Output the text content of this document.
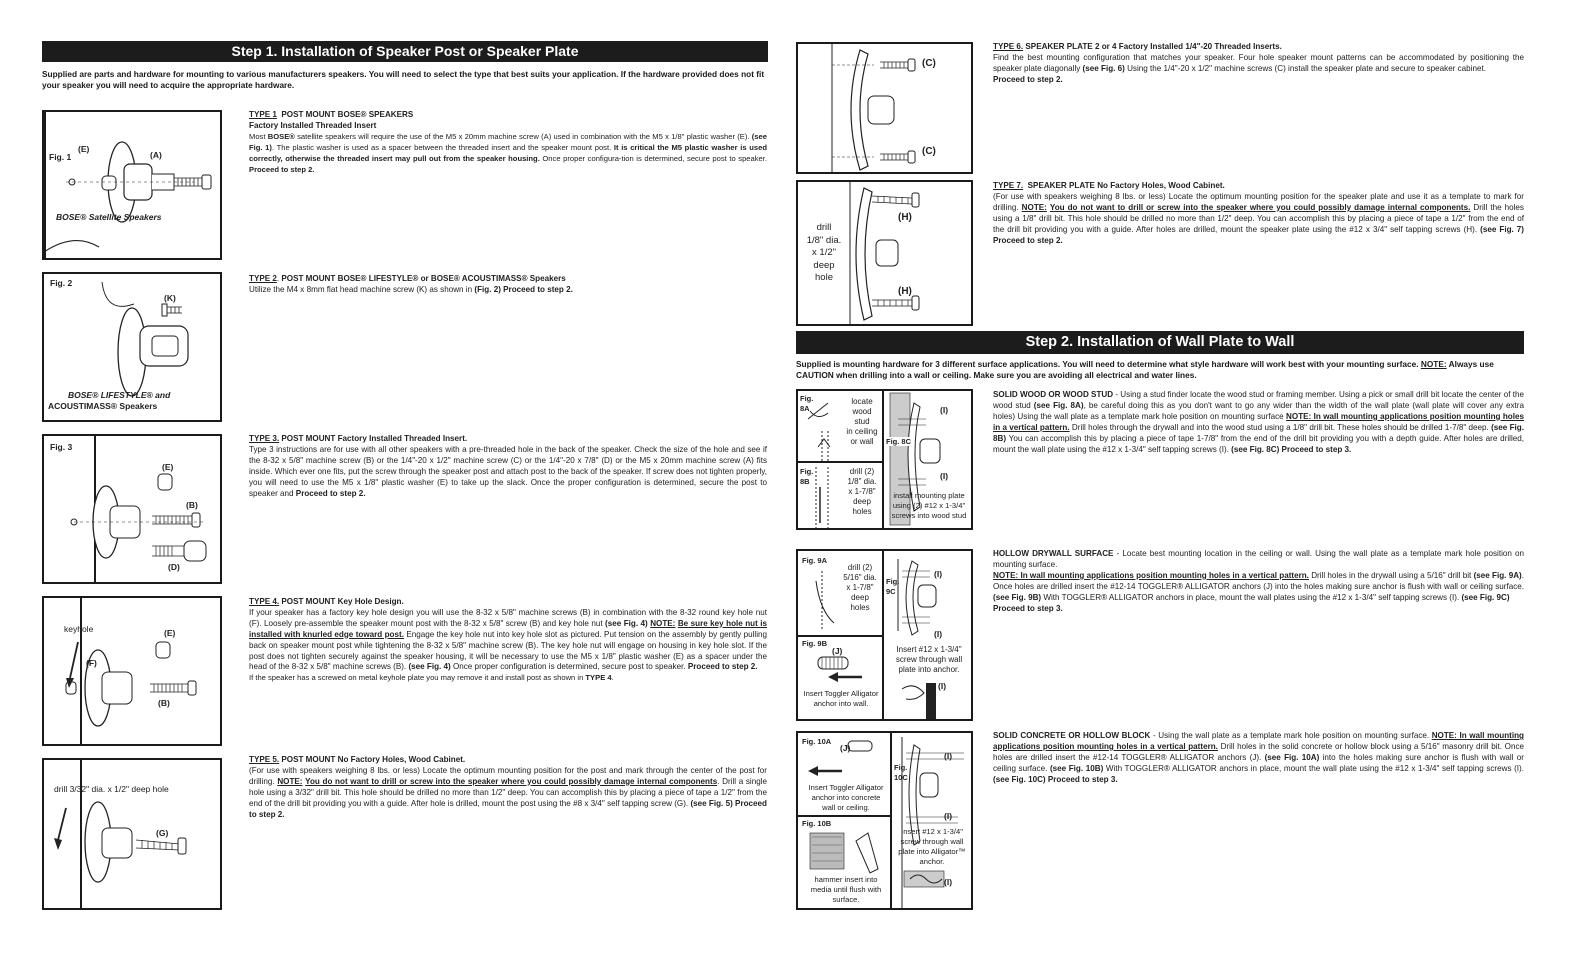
Step 1. Installation of Speaker Post or Speaker Plate
Supplied are parts and hardware for mounting to various manufacturers speakers. You will need to select the type that best suits your application. If the hardware provided does not fit your speaker you will need to acquire the appropriate hardware.
Fig. 1
(E)
(A)
BOSE® Satellite Speakers
TYPE 1 POST MOUNT BOSE® SPEAKERS
Factory Installed Threaded Insert
Most BOSE® satellite speakers will require the use of the M5 x 20mm machine screw (A) used in combination with the M5 x 1/8" plastic washer (E). (see Fig. 1). The plastic washer is used as a spacer between the threaded insert and the speaker mount post. It is critical the M5 plastic washer is used correctly, otherwise the threaded insert may pull out from the speaker housing. Once proper configura-tion is determined, secure post to speaker. Proceed to step 2.
Fig. 2
(K)
BOSE® LIFESTYLE® and
ACOUSTIMASS® Speakers
TYPE 2. POST MOUNT BOSE® LIFESTYLE® or BOSE® ACOUSTIMASS® Speakers
Utilize the M4 x 8mm flat head machine screw (K) as shown in (Fig. 2) Proceed to step 2.
Fig. 3
(E)
(B)
(D)
TYPE 3. POST MOUNT Factory Installed Threaded Insert.
Type 3 instructions are for use with all other speakers with a pre-threaded hole in the back of the speaker. Check the size of the hole and see if the 8-32 x 5/8" machine screw (B) or the 1/4"-20 x 1/2" machine screw (C) or the 1/4"-20 x 7/8" (D) or the M5 x 20mm machine screw (A) fits inside. Which ever one fits, put the screw through the speaker post and attach post to the back of the speaker. If screw does not tighten properly, you will need to use the M5 x 1/8" plastic washer (E) to take up the slack. Once the proper configuration is determined, secure the post to speaker and Proceed to step 2.
keyhole	(E)
(F)
(B)
TYPE 4. POST MOUNT Key Hole Design.
If your speaker has a factory key hole design you will use the 8-32 x 5/8" machine screws (B) in combination with the 8-32 round key hole nut (F). Loosely pre-assemble the speaker mount post with the 8-32 x 5/8" screw (B) and key hole nut (see Fig. 4) NOTE: Be sure key hole nut is installed with knurled edge toward post. Engage the key hole nut into key hole slot as pictured. Put tension on the assembly by gently pulling back on speaker mount post while tightening the 8-32 x 5/8" machine screw (B). The key hole nut will engage on housing in key hole slot. If the post does not tighten securely against the speaker housing, it will be necessary to use the M5 x 1/8" plastic washer (E) as a spacer under the head of the 8-32 x 5/8" machine screws (B). (see Fig. 4) Once proper configuration is determined, secure post to speaker. Proceed to step 2.
If the speaker has a screwed on metal keyhole plate you may remove it and install post as shown in TYPE 4.
drill 3/32" dia. x 1/2" deep hole
(G)
TYPE 5. POST MOUNT No Factory Holes, Wood Cabinet.
(For use with speakers weighing 8 lbs. or less) Locate the optimum mounting position for the post and mark through the center of the post for drilling. NOTE: You do not want to drill or screw into the speaker where you could possibly damage internal components. Drill a single hole using a 3/32" drill bit. This hole should be drilled no more than 1/2" deep. You can accomplish this by placing a piece of tape a 1/2" from the end of the drill bit providing you with a guide. After hole is drilled, mount the post using the #8 x 3/4" self tapping screw (G). (see Fig. 5) Proceed to step 2.
(C)
(C)
TYPE 6. SPEAKER PLATE 2 or 4 Factory Installed 1/4"-20 Threaded Inserts.
Find the best mounting configuration that matches your speaker. Four hole speaker mount patterns can be accommodated by positioning the speaker plate diagonally (see Fig. 6) Using the 1/4"-20 x 1/2" machine screws (C) install the speaker plate and secure to speaker cabinet.
Proceed to step 2.
(H)
(H)
drill
1/8" dia.
x 1/2"
deep
hole
TYPE 7. SPEAKER PLATE No Factory Holes, Wood Cabinet.
(For use with speakers weighing 8 lbs. or less) Locate the optimum mounting position for the speaker plate and use it as a template to mark for drilling. NOTE: You do not want to drill or screw into the speaker where you could possibly damage internal components. Drill the holes using a 1/8" drill bit. This hole should be drilled no more than 1/2" deep. You can accomplish this by placing a piece of tape a 1/2" from the end of the drill bit providing you with a guide. After holes are drilled, mount the speaker plate using the #12 x 3/4" self tapping screws (H). (see Fig. 7) Proceed to step 2.
Step 2. Installation of Wall Plate to Wall
Supplied is mounting hardware for 3 different surface applications. You will need to determine what style hardware will work best with your mounting surface. NOTE: Always use CAUTION when drilling into a wall or ceiling. Make sure you are avoiding all electrical and water lines.
Fig.
8A
locate
wood
stud
in ceiling
or wall
Fig.
8B
drill (2)
1/8" dia.
x 1-7/8"
deep
holes
Fig. 8C
(I)
(I)
install mounting plate
using (2) #12 x 1-3/4"
screws into wood stud
SOLID WOOD OR WOOD STUD - Using a stud finder locate the wood stud or framing member. Using a pick or small drill bit locate the center of the wood stud (see Fig. 8A), be careful doing this as you don't want to go any wider than the width of the wall plate (wall plate will cover any extra holes) Using the wall plate as a template mark hole position on mounting surface NOTE: In wall mounting applications position mounting holes in a vertical pattern. Drill holes through the drywall and into the wood stud using a 1/8" drill bit. These holes should be drilled 1-7/8" deep. (see Fig. 8B) You can accomplish this by placing a piece of tape 1-7/8" from the end of the drill bit providing you with a depth guide. After holes are drilled, mount the wall plate using the #12 x 1-3/4" self tapping screws (I). (see Fig. 8C) Proceed to step 3.
Fig. 9A
drill (2)
5/16" dia.
x 1-7/8"
deep
holes
Fig.
9C
(I)
(I)
Fig. 9B
(J)	Insert #12 x 1-3/4"
screw through wall
plate into anchor.
(I)
Insert Toggler Alligator
anchor into wall.
HOLLOW DRYWALL SURFACE - Locate best mounting location in the ceiling or wall. Using the wall plate as a template mark hole position on mounting surface.
NOTE: In wall mounting applications position mounting holes in a vertical pattern. Drill holes in the drywall using a 5/16" drill bit (see Fig. 9A). Once holes are drilled insert the #12-14 TOGGLER® ALLIGATOR anchors (J) into the holes making sure anchor is flush with wall or ceiling surface. (see Fig. 9B) With TOGGLER® ALLIGATOR anchors in place, mount the wall plates using the #12 x 1-3/4" self tapping screws (I). (see Fig. 9C)
Proceed to step 3.
Fig. 10A
(J)
Fig.
10C
(I)
(I)
Insert Toggler Alligator
anchor into concrete
wall or ceiling.
Fig. 10B
Insert #12 x 1-3/4"
screw through wall
plate into Alligator™
anchor.
(I)
hammer insert into
media until flush with
surface.
SOLID CONCRETE OR HOLLOW BLOCK - Using the wall plate as a template mark hole position on mounting surface. NOTE: In wall mounting applications position mounting holes in a vertical pattern. Drill holes in the solid concrete or hollow block using a 5/16" masonry drill bit. Once holes are drilled insert the #12-14 TOGGLER® ALLIGATOR anchors (J). (see Fig. 10A) into the holes making sure anchor is flush with wall or ceiling surface. (see Fig. 10B) With TOGGLER® ALLIGATOR anchors in place, mount the wall plate using the #12 x 1-3/4" self tapping screws (I). (see Fig. 10C) Proceed to step 3.
